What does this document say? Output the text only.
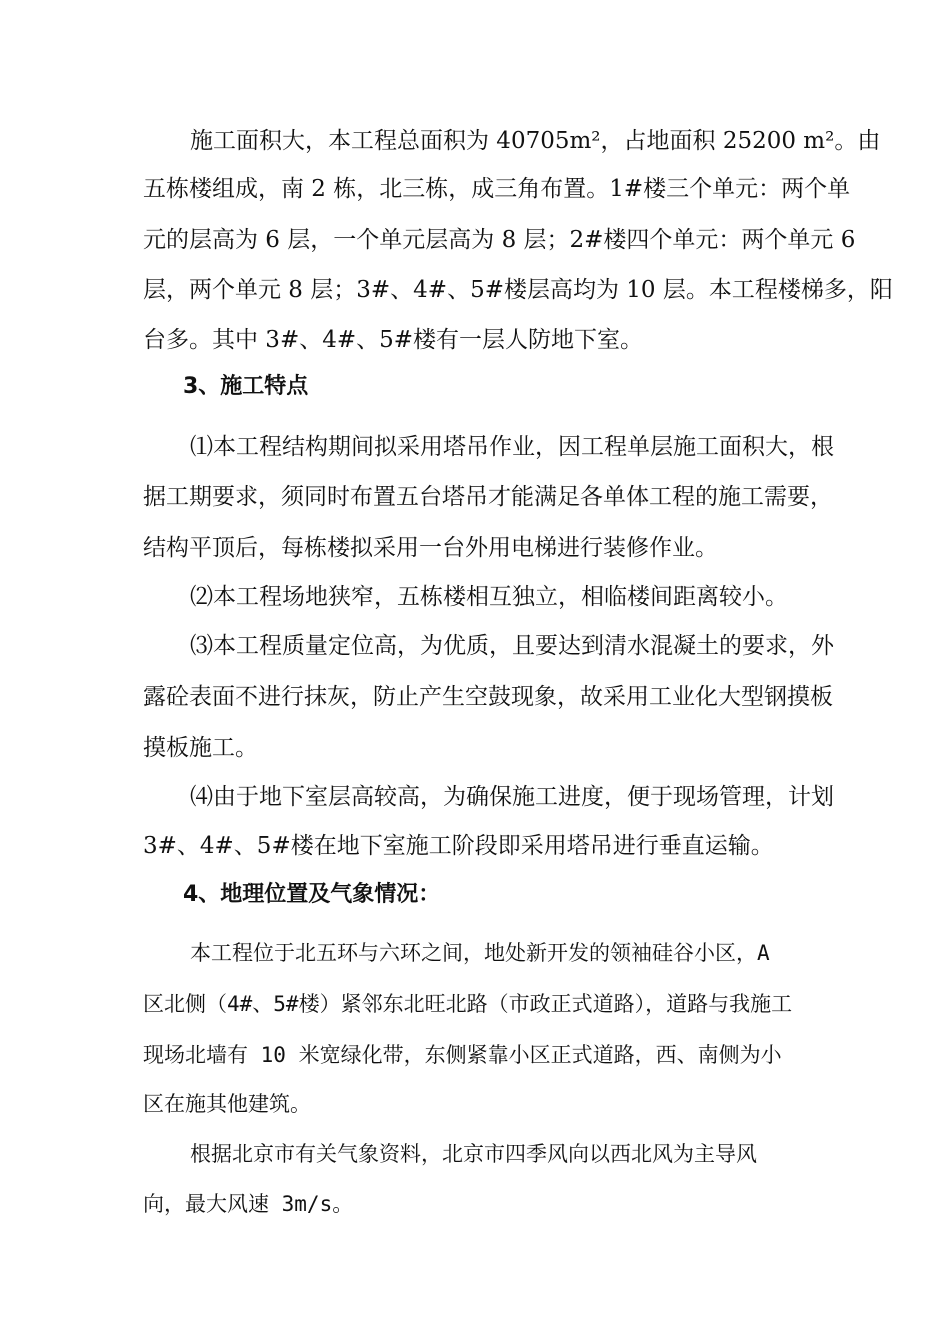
施工面积大，本工程总面积为 40705m²，占地面积 25200 m²。由
五栋楼组成，南 2 栋，北三栋，成三角布置。1#楼三个单元：两个单
元的层高为 6 层，一个单元层高为 8 层；2#楼四个单元：两个单元 6
层，两个单元 8 层；3#、4#、5#楼层高均为 10 层。本工程楼梯多，阳
台多。其中 3#、4#、5#楼有一层人防地下室。
3、施工特点
⑴本工程结构期间拟采用塔吊作业，因工程单层施工面积大，根
据工期要求，须同时布置五台塔吊才能满足各单体工程的施工需要，
结构平顶后，每栋楼拟采用一台外用电梯进行装修作业。
⑵本工程场地狭窄，五栋楼相互独立，相临楼间距离较小。
⑶本工程质量定位高，为优质，且要达到清水混凝土的要求，外
露砼表面不进行抹灰，防止产生空鼓现象，故采用工业化大型钢摸板
摸板施工。
⑷由于地下室层高较高，为确保施工进度，便于现场管理，计划
3#、4#、5#楼在地下室施工阶段即采用塔吊进行垂直运输。
4、地理位置及气象情况：
本工程位于北五环与六环之间，地处新开发的领袖硅谷小区，A
区北侧（4#、5#楼）紧邻东北旺北路（市政正式道路），道路与我施工
现场北墙有 10 米宽绿化带，东侧紧靠小区正式道路，西、南侧为小
区在施其他建筑。
根据北京市有关气象资料，北京市四季风向以西北风为主导风
向，最大风速 3m/s。
